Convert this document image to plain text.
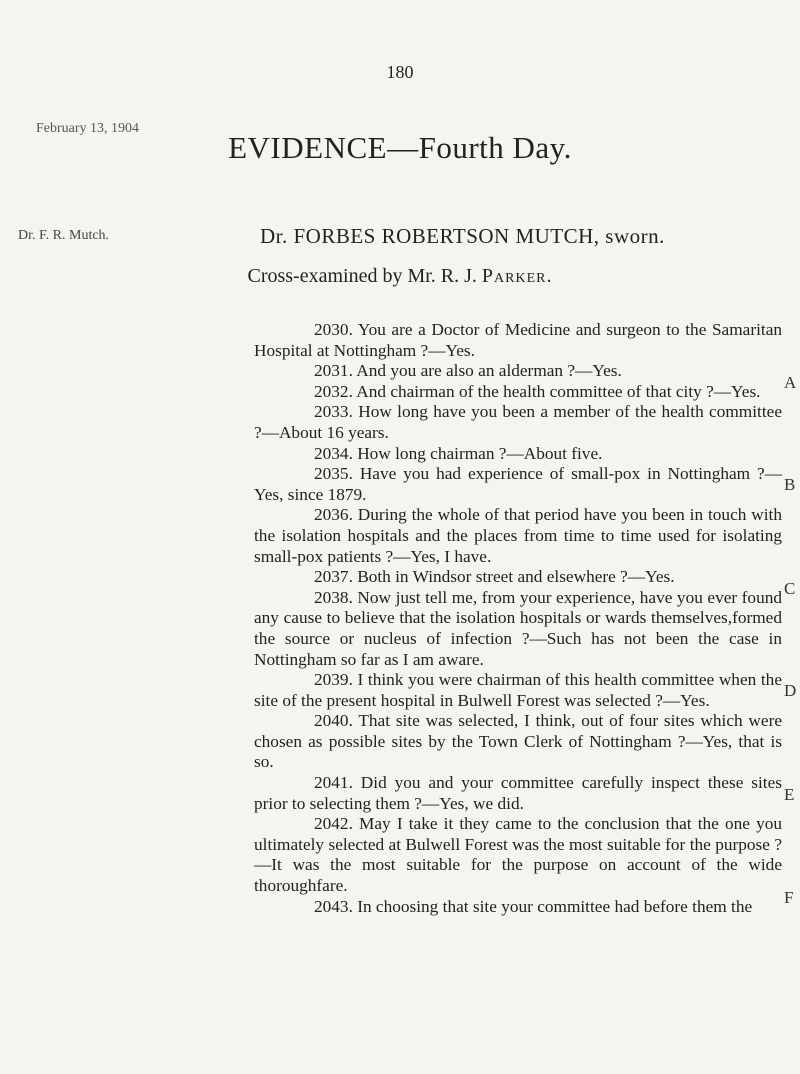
180
February 13, 1904
EVIDENCE—Fourth Day.
Dr. F. R. Mutch.	Dr. FORBES ROBERTSON MUTCH, sworn.
Cross-examined by Mr. R. J. Parker.

2030. You are a Doctor of Medicine and surgeon to the Samaritan Hospital at Nottingham ?—Yes.

2031. And you are also an alderman ?—Yes.

2032. And chairman of the health committee of that city ?—Yes.

2033. How long have you been a member of the health committee ?—About 16 years.

2034. How long chairman ?—About five.

2035. Have you had experience of small-pox in Nottingham ?—Yes, since 1879.

2036. During the whole of that period have you been in touch with the isolation hospitals and the places from time to time used for isolating small-pox patients ?—Yes, I have.

2037. Both in Windsor street and elsewhere ?—Yes.

2038. Now just tell me, from your experience, have you ever found any cause to believe that the isolation hospitals or wards themselves,formed the source or nucleus of infection ?—Such has not been the case in Nottingham so far as I am aware.

2039. I think you were chairman of this health committee when the site of the present hospital in Bulwell Forest was selected ?—Yes.

2040. That site was selected, I think, out of four sites which were chosen as possible sites by the Town Clerk of Nottingham ?—Yes, that is so.

2041. Did you and your committee carefully inspect these sites prior to selecting them ?—Yes, we did.

2042. May I take it they came to the conclusion that the one you ultimately selected at Bulwell Forest was the most suitable for the purpose ?—It was the most suitable for the purpose on account of the wide thoroughfare.

2043. In choosing that site your committee had before them the

A
B
C
D
E
F
